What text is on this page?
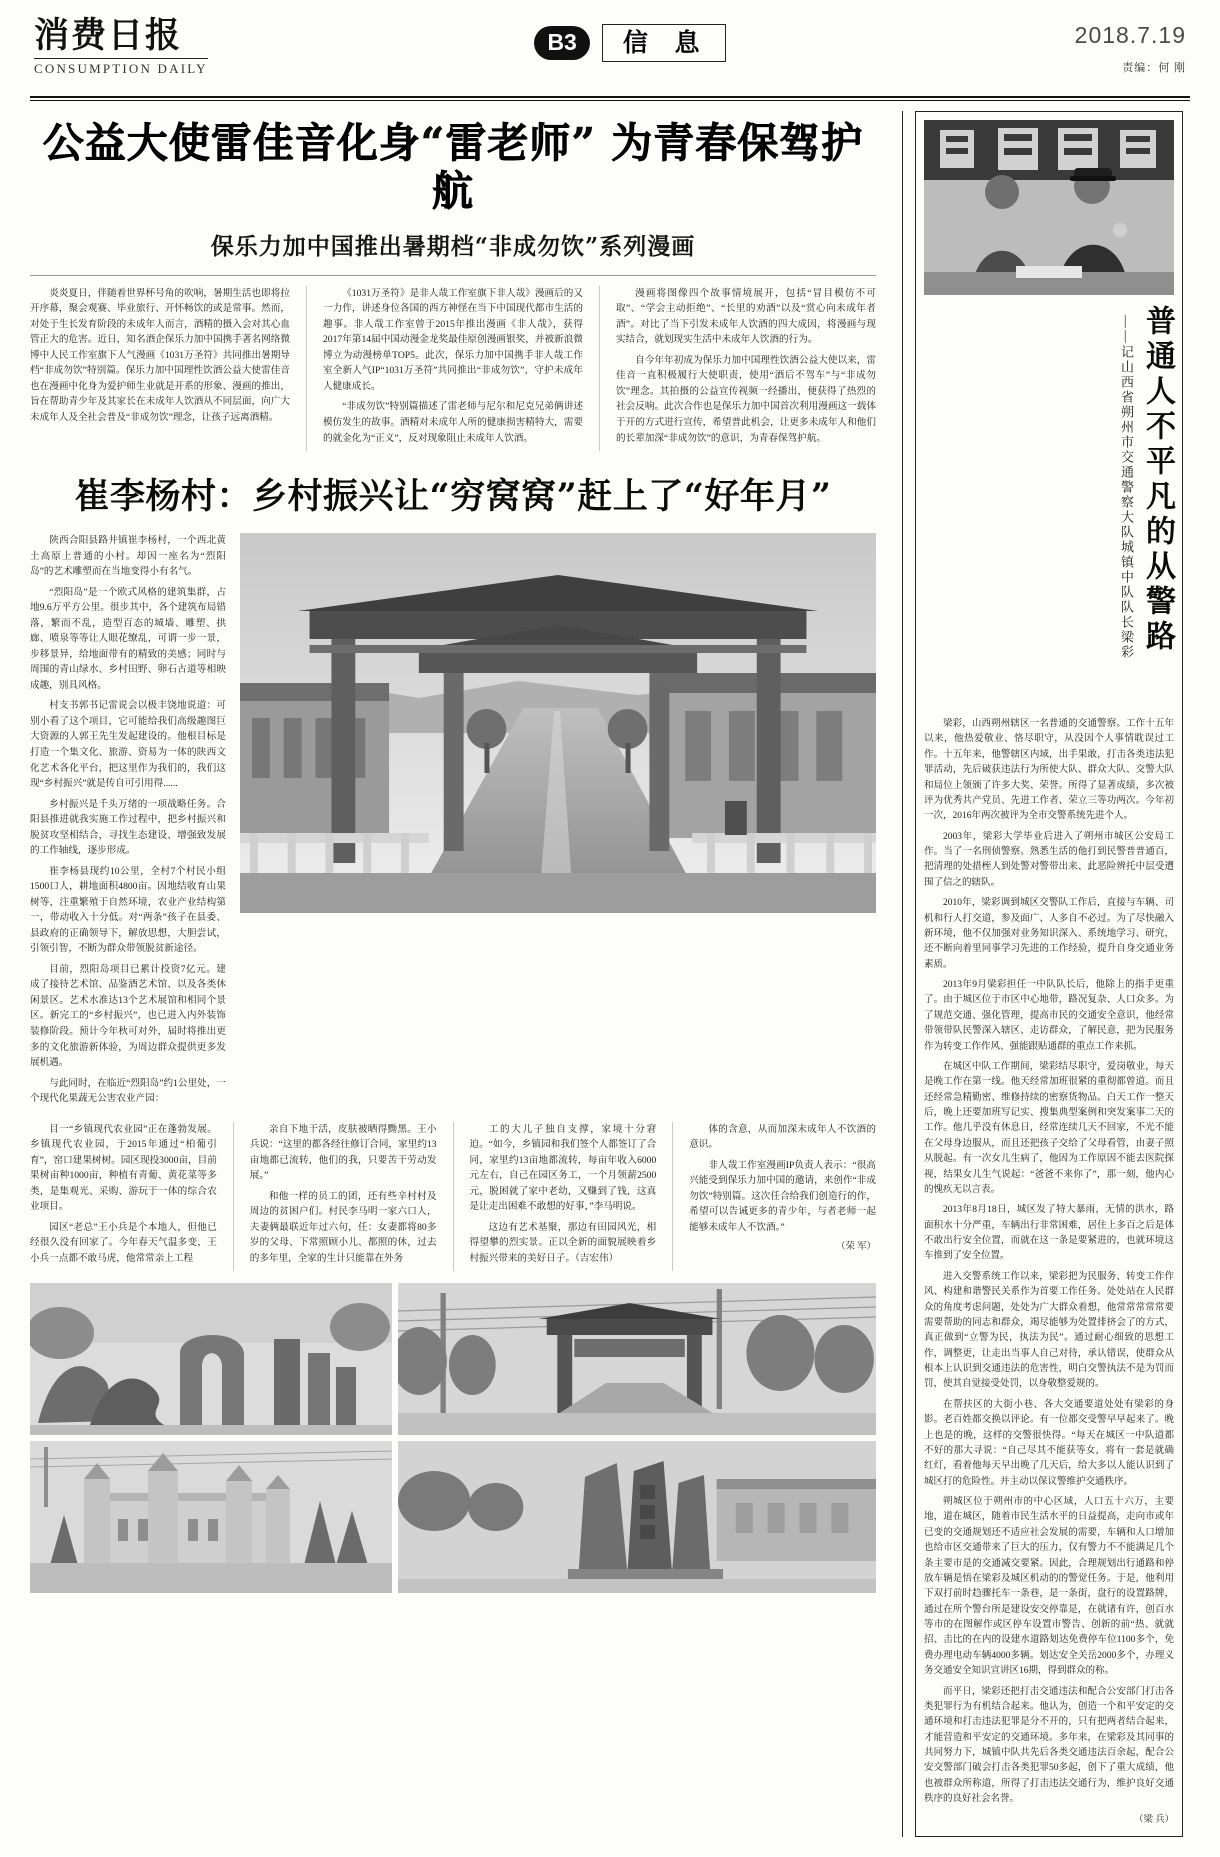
消费日报
CONSUMPTION DAILY
B3	信 息	2018.7.19
责编：何 刚
公益大使雷佳音化身“雷老师” 为青春保驾护航
保乐力加中国推出暑期档“非成勿饮”系列漫画

炎炎夏日，伴随着世界杯号角的吹响，暑期生活也即将拉开序幕，聚会观赛、毕业旅行、开怀畅饮的或是常事。然而，对处于生长发育阶段的未成年人而言，酒精的摄入会对其心血管正大的危害。近日，知名酒企保乐力加中国携手著名网络微博中人民工作室旗下人气漫画《1031万圣符》共同推出暑期导档“非成勿饮”特别篇。保乐力加中国理性饮酒公益大使雷佳音也在漫画中化身为爱护师生业就是开系的形象、漫画的推出，旨在帮助青少年及其家长在未成年人饮酒从不同层面，向广大未成年人及全社会普及“非成勿饮”理念，让孩子远离酒精。

《1031万圣符》是非人哉工作室旗下非人哉》漫画后的又一力作，讲述身位各国的西方神怪在当下中国现代都市生活的趣事。非人哉工作室曾于2015年推出漫画《非人哉》，获得2017年第14届中国动漫金龙奖最佳原创漫画银奖，并被新浪微博立为动漫榜单TOP5。此次，保乐力加中国携手非人哉工作室全新人气IP“1031万圣符”共同推出“非成勿饮”，守护未成年人健康成长。

“非成勿饮”特别篇描述了雷老师与尼尔和尼克兄弟俩讲述模仿发生的故事。酒精对未成年人所的健康损害精特大，需要的就金化为“正义”，反对现象阻止未成年人饮酒。

漫画将图像四个故事情境展开，包括“冒目模仿不可取”、“学会主动拒绝”、“长里的劝酒”以及“赏心向未成年者酒”。对比了当下引发未成年人饮酒的四大成因，将漫画与现实结合，就划现实生活中未成年人饮酒的行为。

自今年年初成为保乐力加中国理性饮酒公益大使以来，雷佳音一直积极履行大使职责，使用“酒后不驾车”与“非成勿饮”理念。其拍摄的公益宣传视频一经播出，便获得了热烈的社会反响。此次合作也是保乐力加中国首次利用漫画这一载体于开的方式进行宣传，希望普此机会，让更多未成年人和他们的长辈加深“非成勿饮”的意识，为青春保驾护航。

崔李杨村：乡村振兴让“穷窝窝”赶上了“好年月”

陕西合阳县路井镇崔李杨村，一个西北黄土高原上普通的小村。却因一座名为“烈阳岛”的艺术雕塑而在当地变得小有名气。

“烈阳岛”是一个欧式风格的建筑集群，占地9.6万平方公里。很步其中，各个建筑布局错落，繁而不乱，造型百态的城墙、雕塑、拱廊、喷泉等等让人眼花缭乱，可谓一步一景，步移景异，给地面带有的精致的美感；同时与周围的青山绿水、乡村田野、卵石古道等相映成趣，别具风格。

村支书郭书记雷说会以极丰饶地说道：可别小看了这个项目，它可能给我们高级趣图巨大资源的人郭王先生发起建设的。他根目标是打造一个集文化、旅游、资易为一体的陕西文化艺术各化平台，把这里作为我们的，我们这现“乡村振兴”就是传自可引用得......

乡村振兴是千头万绪的一项战略任务。合阳县推进就我实施工作过程中，把乡村振兴和脱贫攻坚相结合，寻找生态建设、增强致发展的工作轴线，逐步形成。

崔李杨县现约10公里，全村7个村民小组1500口人，耕地面积4800亩。因地结收育山果树等，注重繁殖于自然环境，农业产业结构第一，带动收入十分低。对“两条”孩子在县委、县政府的正确领导下，解放思想，大胆尝试，引领引智，不断为群众带领脱贫新途径。

目前，烈阳岛项目已累计投资7亿元。建成了接待艺术馆、品鉴酒艺术馆、以及各类休闲景区。艺术水准达13个艺术展馆和相同个景区。新完工的“乡村振兴”，也已进入内外装饰装修阶段。预计今年秋可对外，届时将推出更多的文化旅游新体验，为周边群众提供更多发展机遇。

与此同时，在临近“烈阳岛”约1公里处，一个现代化果蔬无公害农业产园：

目一“乡镇现代农业园”正在蓬勃发展。乡镇现代农业园，于2015年通过“柏葡引育”，窑口建果树树。园区现投3000亩，目前果树亩种1000亩，种植有青葡、黄花菜等多类，是集观光、采购、游玩于一体的综合农业项目。

园区“老总”王小兵是个本地人，但他已经很久没有回家了。今年春天气温多变，王小兵一点都不敢马虎，他常常亲上工程

亲自下地干活，皮肤被晒得黝黑。王小兵说：“这里的都各经往修订合同，家里约13亩地都已流转，他们的我，只要苦干劳动发展。”

和他一样的员工的团，还有些辛村村及周边的贫困户们。村民李马明一家六口人，夫妻俩最联近年过六句，任：女妻都将80多岁的父母、下常照顾小儿、都照的休，过去的多年里，全家的生计只能靠在外务

工的大儿子独自支撑，家境十分窘迫。“如今，乡镇园和我们签个人都签订了合同，家里约13亩地都流转，每亩年收入6000元左右，自己在园区务工，一个月领薪2500元，脱困就了家中老幼，又赚到了钱，这真是让走出困难不敢想的好事，”李马明说。

这边有艺术基聚，那边有田园风光，相得望攀的烈实景。正以全新的面貌展映着乡村振兴带来的美好日子。（吉宏伟）

体的含意，从而加深未成年人不饮酒的意识。

非人哉工作室漫画IP负责人表示：“很高兴能受到保乐力加中国的邀请，来创作“非成勿饮”特别篇。这次任合给我们创造行的作，希望可以告诫更多的青少年，与者老师一起能够未成年人不饮酒。”

（荣 军）
普通人不平凡的从警路
——记山西省朔州市交通警察大队城镇中队队长梁彩

梁彩，山西朔州辖区一名普通的交通警察。工作十五年以来，他热爱敬业、恪尽职守，从没因个人事情耽误过工作。十五年来，他警辖区内域，出手果敢，打击各类违法犯罪活动，先后破获违法行为所使大队、群众大队、交警大队和局位上领颁了许多大奖、荣誉。所得了显著成绩，多次被评为优秀共产党员、先进工作者、荣立三等功两次。今年初一次，2016年两次被评为全市交警系统先进个人。

2003年，梁彩大学毕业后进入了朔州市城区公安局工作。当了一名刑侦警察。熟悉生活的他打到民警普普通百，把清理的处措桎人到处警对警带出来、此恶险辨托中层受遭围了信之的辖队。

2010年，梁彩调到城区交警队工作后，直接与车辆、司机和行人打交道，参及面广、人多自不必过。为了尽快融入新环境，他不仅加强对业务知识深入、系统地学习、研究，还不断向着里同事学习先进的工作经验，提升自身交通业务素质。

2013年9月梁彩担任一中队队长后，他除上的指手更重了。由于城区位于市区中心地带，路况复杂、人口众多。为了规范交通、强化管理，提高市民的交通安全意识，他经常带领带队民警深入辖区、走访群众，了解民意，把为民服务作为转变工作作风、强能跟贴通群的重点工作来抓。

在城区中队工作期间，梁彩结尽职守，爱岗敬业，每天是晚工作在第一线。他天经常加班很紧的重彻都曾道。而且还经常急精勤密、维修持续的密察货物品。白天工作一整天后，晚上还要加班写记实、搜集典型案例和突发案事二天的工作。他几乎没有休息日，经常连续几天不回家，不光不能在父母身边服从，而且还把孩子交给了父母看管，由妻子照从脱起。有一次女儿生病了，他因为工作原因不能去医院探视，结果女儿生气说起：“爸爸不来你了”，那一刻，他内心的愧疚无以言表。

2013年8月18日，城区发了特大暴雨，无情的洪水，路面积水十分严重，车辆出行非常困难，居住上多百之后是体不敢出行安全位置，而就在这一条是要紧进的，也就环境这车推到了安全位置。

进入交警系统工作以来，梁彩把为民服务、转变工作作风、构建和谐警民关系作为首要工作任务。处处站在人民群众的角度考虑问题，处处为广大群众着想，他常常常常常要需要帮助的同志和群众，竭尽能够为处置排挤会了的方式，真正做到“立警为民，执法为民”。通过耐心细致的思想工作，调整更，让走出当事人自己对待，承认错误，使群众从根本上认识到交通违法的危害性，明白交警执法不是为罚而罚，使其自觉接受处罚，以身敬整爱规的。

在帮扶区的大街小巷、各大交通要道处处有梁彩的身影。老百姓都交换以评论。有一位都交受警早早起来了。晚上也是的晚，这样的交警很快得。“每天在城区一中队道都不好的那大寻说：“自己尽其不能获等女，将有一套是就确红灯，看着他每天早出晚了几天后，给大多以人能认识到了城区打的危险性。并主动以保议警维护交通秩序。

朔城区位于朔州市的中心区域，人口五十六万，主要地，道在城区，随着市民生活水平的日益提高，走向市或年已变的交通规划还不适应社会发展的需要，车辆和人口增加也给市区交通带来了巨大的压力，仅有警力不不能满足几个条主要市是的交通减交要紧。因此，合理规划出行通路和停放车辆是悟在梁彩及城区机动的的警觉任务。于是，他利用下双打前时趋骤托车一条巷，是一条街，盘行的设置路牌，通过在所个警台所是建设安交停靠是，在就诸有许，创百水等市的在图解作或区停车设置市警告、创新的前“热、就就招、击比的在内的设建水道路划达免费停车位1100多个，免费办理电动车辆4000多辆。划达安全关岳2000多个，办理义务交通安全知识宣讲区16期，得到群众的称。

而平日，梁彩还把打击交通违法和配合公安部门打击各类犯罪行为有机结合起来。他认为，创造一个和平安定的交通环境和打击违法犯罪是分不开的，只有把两者结合起来，才能营造和平安定的交通环境。多年来，在梁彩及其同事的共同努力下，城镇中队共先后各类交通违法百余起，配合公安交警部门破会打击各类犯罪50多起，创下了重大成绩，他也被群众所称道，所得了打击违法交通行为，维护良好交通秩序的良好社会名誉。

（梁 兵）
